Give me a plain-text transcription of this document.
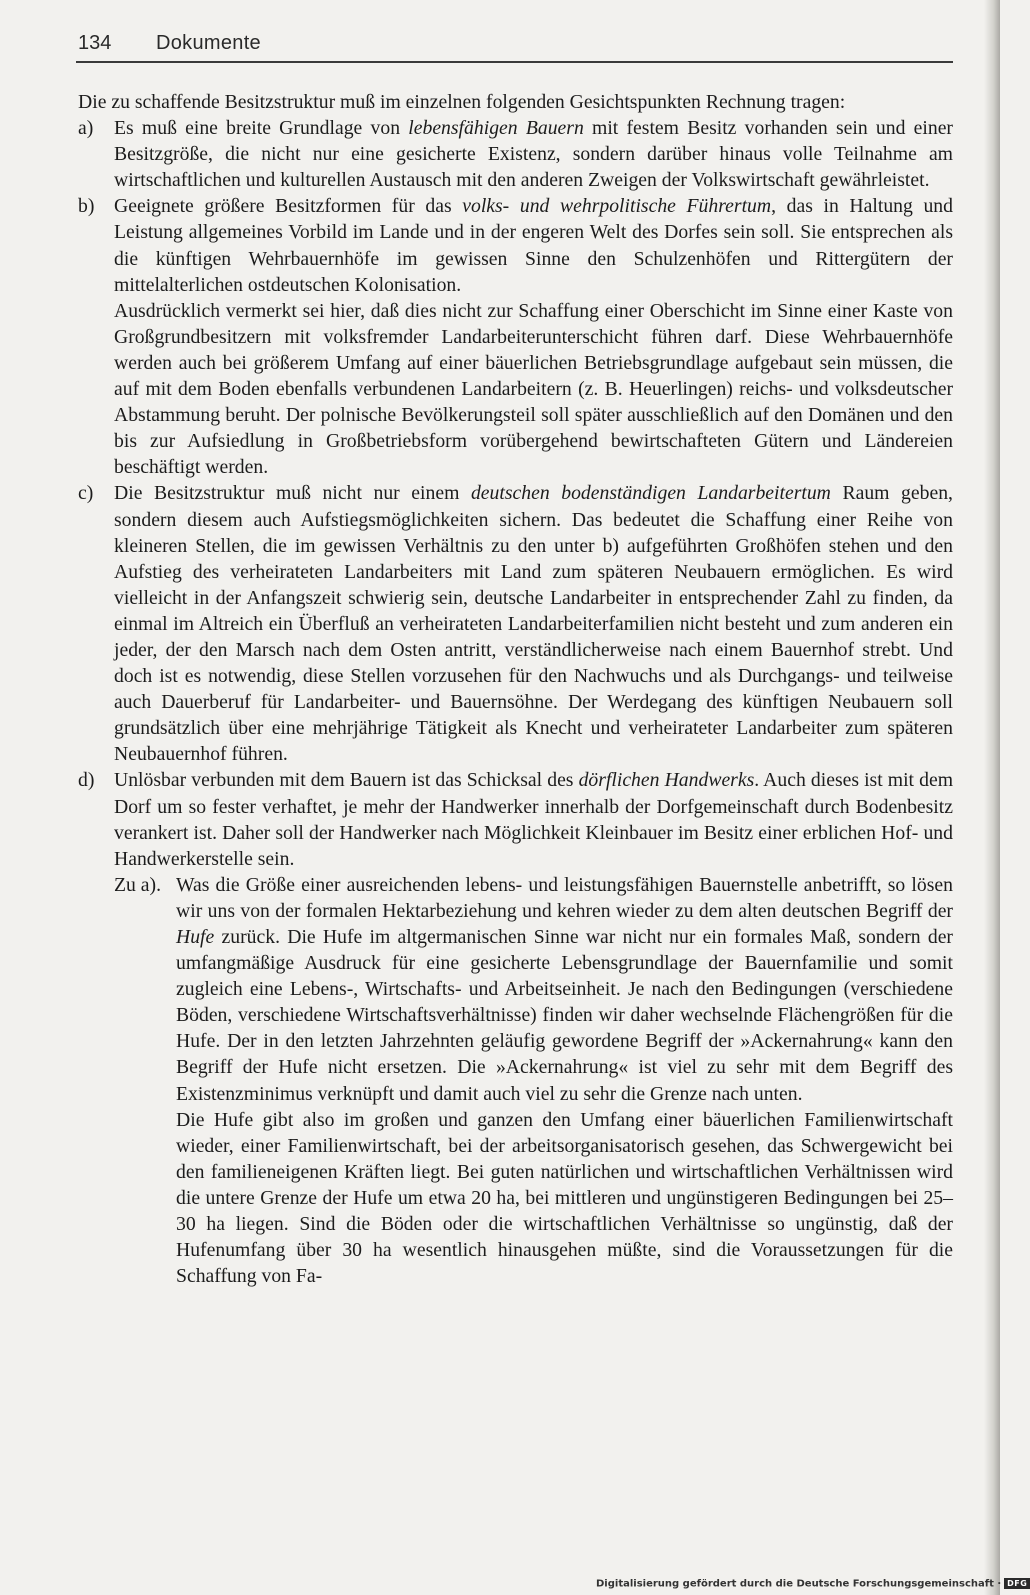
134 Dokumente

Die zu schaffende Besitzstruktur muß im einzelnen folgenden Gesichtspunkten Rechnung tragen:

a) Es muß eine breite Grundlage von lebensfähigen Bauern mit festem Besitz vorhanden sein und einer Besitzgröße, die nicht nur eine gesicherte Existenz, sondern darüber hinaus volle Teilnahme am wirtschaftlichen und kulturellen Austausch mit den anderen Zweigen der Volkswirtschaft gewährleistet.
b) Geeignete größere Besitzformen für das volks- und wehrpolitische Führertum, das in Haltung und Leistung allgemeines Vorbild im Lande und in der engeren Welt des Dorfes sein soll. Sie entsprechen als die künftigen Wehrbauernhöfe im gewissen Sinne den Schulzenhöfen und Rittergütern der mittelalterlichen ostdeutschen Kolonisation.
Ausdrücklich vermerkt sei hier, daß dies nicht zur Schaffung einer Oberschicht im Sinne einer Kaste von Großgrundbesitzern mit volksfremder Landarbeiterunterschicht führen darf. Diese Wehrbauernhöfe werden auch bei größerem Umfang auf einer bäuerlichen Betriebsgrundlage aufgebaut sein müssen, die auf mit dem Boden ebenfalls verbundenen Landarbeitern (z. B. Heuerlingen) reichs- und volksdeutscher Abstammung beruht. Der polnische Bevölkerungsteil soll später ausschließlich auf den Domänen und den bis zur Aufsiedlung in Großbetriebsform vorübergehend bewirtschafteten Gütern und Ländereien beschäftigt werden.
c) Die Besitzstruktur muß nicht nur einem deutschen bodenständigen Landarbeitertum Raum geben, sondern diesem auch Aufstiegsmöglichkeiten sichern. Das bedeutet die Schaffung einer Reihe von kleineren Stellen, die im gewissen Verhältnis zu den unter b) aufgeführten Großhöfen stehen und den Aufstieg des verheirateten Landarbeiters mit Land zum späteren Neubauern ermöglichen. Es wird vielleicht in der Anfangszeit schwierig sein, deutsche Landarbeiter in entsprechender Zahl zu finden, da einmal im Altreich ein Überfluß an verheirateten Landarbeiterfamilien nicht besteht und zum anderen ein jeder, der den Marsch nach dem Osten antritt, verständlicherweise nach einem Bauernhof strebt. Und doch ist es notwendig, diese Stellen vorzusehen für den Nachwuchs und als Durchgangs- und teilweise auch Dauerberuf für Landarbeiter- und Bauernsöhne. Der Werdegang des künftigen Neubauern soll grundsätzlich über eine mehrjährige Tätigkeit als Knecht und verheirateter Landarbeiter zum späteren Neubauernhof führen.
d) Unlösbar verbunden mit dem Bauern ist das Schicksal des dörflichen Handwerks. Auch dieses ist mit dem Dorf um so fester verhaftet, je mehr der Handwerker innerhalb der Dorfgemeinschaft durch Bodenbesitz verankert ist. Daher soll der Handwerker nach Möglichkeit Kleinbauer im Besitz einer erblichen Hof- und Handwerkerstelle sein.
Zu a). Was die Größe einer ausreichenden lebens- und leistungsfähigen Bauernstelle anbetrifft, so lösen wir uns von der formalen Hektarbeziehung und kehren wieder zu dem alten deutschen Begriff der Hufe zurück. Die Hufe im altgermanischen Sinne war nicht nur ein formales Maß, sondern der umfangmäßige Ausdruck für eine gesicherte Lebensgrundlage der Bauernfamilie und somit zugleich eine Lebens-, Wirtschafts- und Arbeitseinheit. Je nach den Bedingungen (verschiedene Böden, verschiedene Wirtschaftsverhältnisse) finden wir daher wechselnde Flächengrößen für die Hufe. Der in den letzten Jahrzehnten geläufig gewordene Begriff der »Ackernahrung« kann den Begriff der Hufe nicht ersetzen. Die »Ackernahrung« ist viel zu sehr mit dem Begriff des Existenzminimus verknüpft und damit auch viel zu sehr die Grenze nach unten.
Die Hufe gibt also im großen und ganzen den Umfang einer bäuerlichen Familienwirtschaft wieder, einer Familienwirtschaft, bei der arbeitsorganisatorisch gesehen, das Schwergewicht bei den familieneigenen Kräften liegt. Bei guten natürlichen und wirtschaftlichen Verhältnissen wird die untere Grenze der Hufe um etwa 20 ha, bei mittleren und ungünstigeren Bedingungen bei 25–30 ha liegen. Sind die Böden oder die wirtschaftlichen Verhältnisse so ungünstig, daß der Hufenumfang über 30 ha wesentlich hinausgehen müßte, sind die Voraussetzungen für die Schaffung von Fa-
Digitalisierung gefördert durch die Deutsche Forschungsgemeinschaft · DFG
